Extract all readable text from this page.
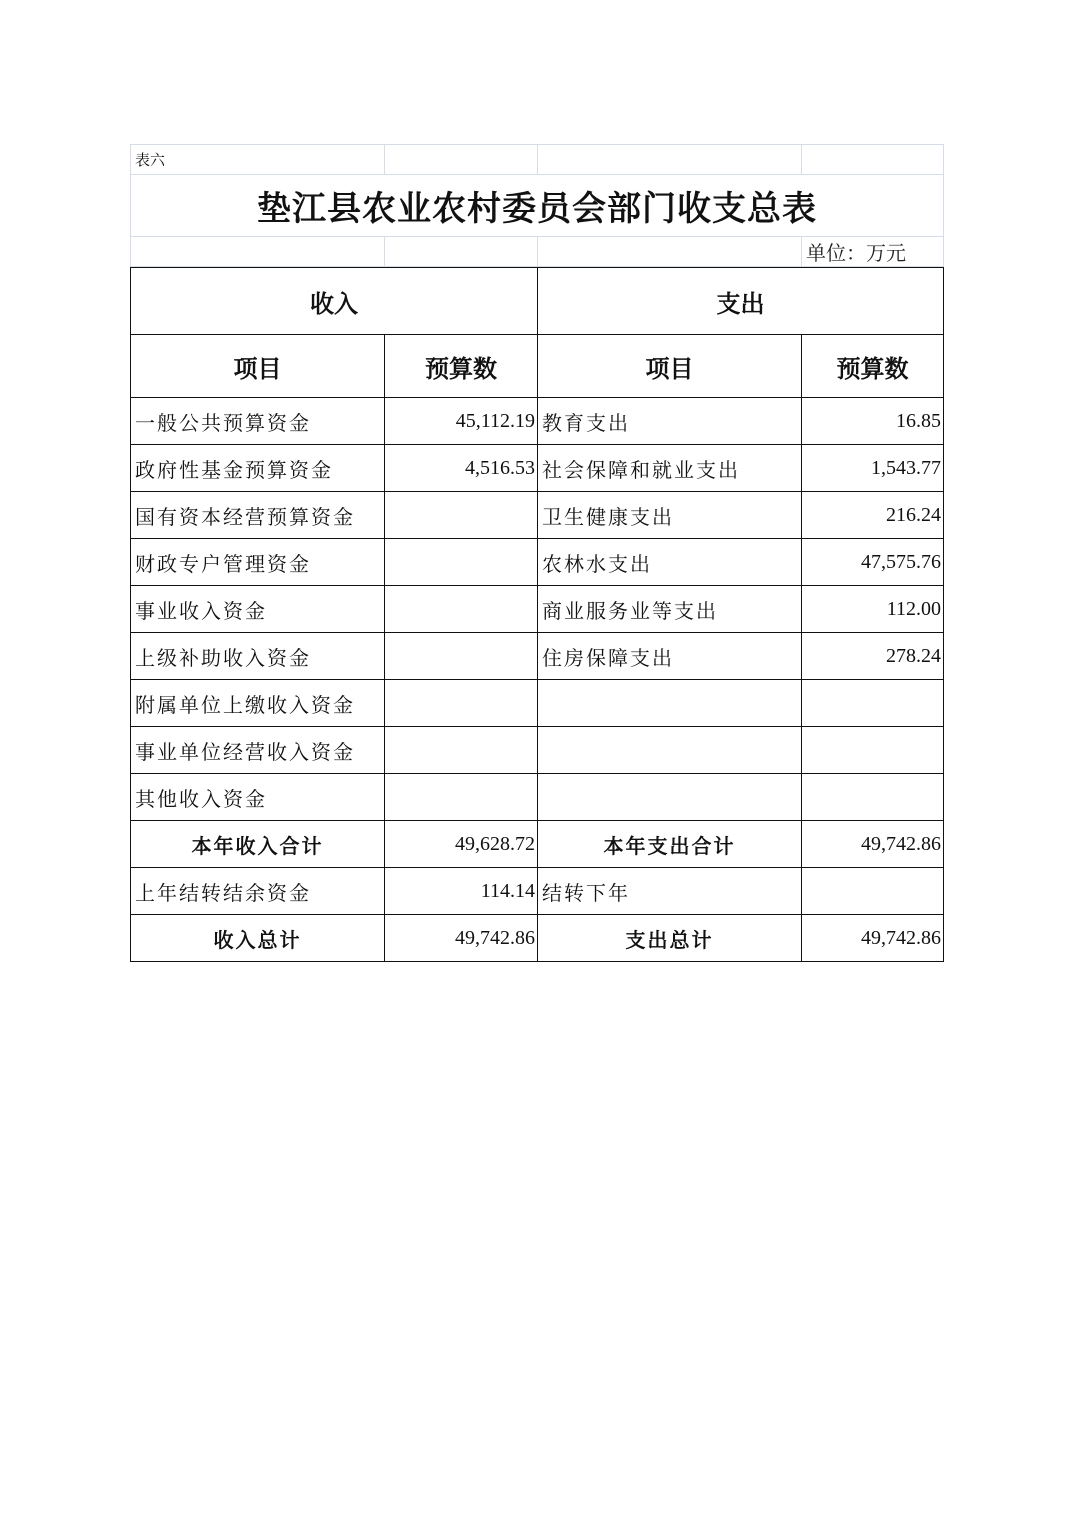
表六			
垫江县农业农村委员会部门收支总表			
			单位：万元
收入		支出	
项目	预算数	项目	预算数
一般公共预算资金	45,112.19	教育支出	16.85
政府性基金预算资金	4,516.53	社会保障和就业支出	1,543.77
国有资本经营预算资金		卫生健康支出	216.24
财政专户管理资金		农林水支出	47,575.76
事业收入资金		商业服务业等支出	112.00
上级补助收入资金		住房保障支出	278.24
附属单位上缴收入资金			
事业单位经营收入资金			
其他收入资金			
本年收入合计	49,628.72	本年支出合计	49,742.86
上年结转结余资金	114.14	结转下年	
收入总计	49,742.86	支出总计	49,742.86
